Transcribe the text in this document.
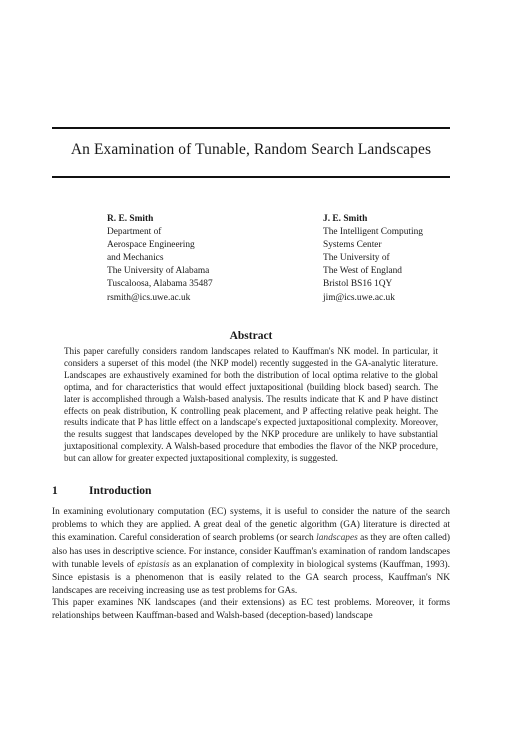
An Examination of Tunable, Random Search Landscapes
R. E. Smith
Department of
Aerospace Engineering
and Mechanics
The University of Alabama
Tuscaloosa, Alabama 35487
rsmith@ics.uwe.ac.uk
J. E. Smith
The Intelligent Computing
Systems Center
The University of
The West of England
Bristol BS16 1QY
jim@ics.uwe.ac.uk
Abstract
This paper carefully considers random landscapes related to Kauffman's NK model. In particular, it considers a superset of this model (the NKP model) recently suggested in the GA-analytic literature. Landscapes are exhaustively examined for both the distribution of local optima relative to the global optima, and for characteristics that would effect juxtapositional (building block based) search. The later is accomplished through a Walsh-based analysis. The results indicate that K and P have distinct effects on peak distribution, K controlling peak placement, and P affecting relative peak height. The results indicate that P has little effect on a landscape's expected juxtapositional complexity. Moreover, the results suggest that landscapes developed by the NKP procedure are unlikely to have substantial juxtapositional complexity. A Walsh-based procedure that embodies the flavor of the NKP procedure, but can allow for greater expected juxtapositional complexity, is suggested.
1	Introduction

In examining evolutionary computation (EC) systems, it is useful to consider the nature of the search problems to which they are applied. A great deal of the genetic algorithm (GA) literature is directed at this examination. Careful consideration of search problems (or search landscapes as they are often called) also has uses in descriptive science. For instance, consider Kauffman's examination of random landscapes with tunable levels of epistasis as an explanation of complexity in biological systems (Kauffman, 1993). Since epistasis is a phenomenon that is easily related to the GA search process, Kauffman's NK landscapes are receiving increasing use as test problems for GAs.

This paper examines NK landscapes (and their extensions) as EC test problems. Moreover, it forms relationships between Kauffman-based and Walsh-based (deception-based) landscape
